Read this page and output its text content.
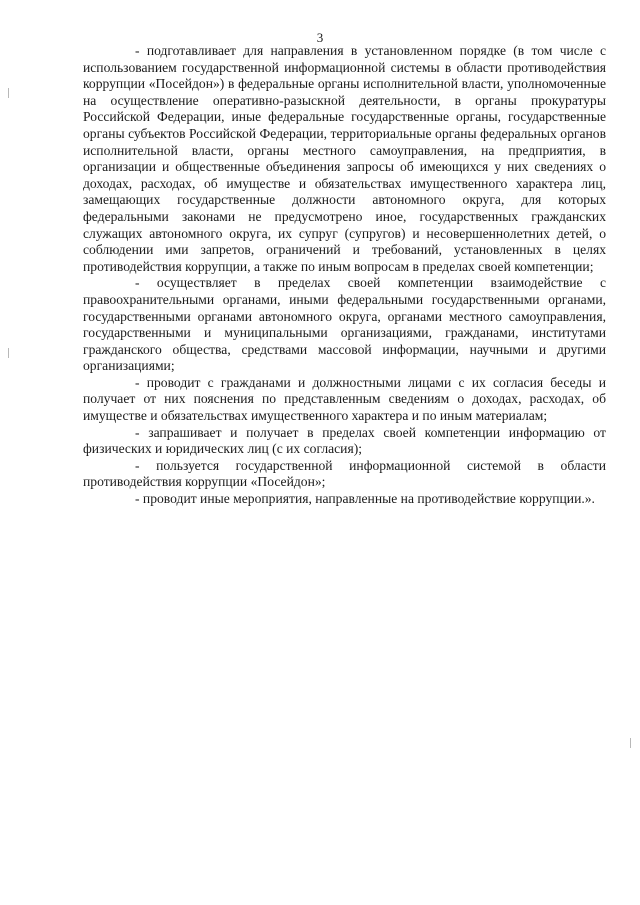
3

- подготавливает для направления в установленном порядке (в том числе с использованием государственной информационной системы в области противодействия коррупции «Посейдон») в федеральные органы исполнительной власти, уполномоченные на осуществление оперативно-разыскной деятельности, в органы прокуратуры Российской Федерации, иные федеральные государственные органы, государственные органы субъектов Российской Федерации, территориальные органы федеральных органов исполнительной власти, органы местного самоуправления, на предприятия, в организации и общественные объединения запросы об имеющихся у них сведениях о доходах, расходах, об имуществе и обязательствах имущественного характера лиц, замещающих государственные должности автономного округа, для которых федеральными законами не предусмотрено иное, государственных гражданских служащих автономного округа, их супруг (супругов) и несовершеннолетних детей, о соблюдении ими запретов, ограничений и требований, установленных в целях противодействия коррупции, а также по иным вопросам в пределах своей компетенции;

- осуществляет в пределах своей компетенции взаимодействие с правоохранительными органами, иными федеральными государственными органами, государственными органами автономного округа, органами местного самоуправления, государственными и муниципальными организациями, гражданами, институтами гражданского общества, средствами массовой информации, научными и другими организациями;

- проводит с гражданами и должностными лицами с их согласия беседы и получает от них пояснения по представленным сведениям о доходах, расходах, об имуществе и обязательствах имущественного характера и по иным материалам;

- запрашивает и получает в пределах своей компетенции информацию от физических и юридических лиц (с их согласия);

- пользуется государственной информационной системой в области противодействия коррупции «Посейдон»;

- проводит иные мероприятия, направленные на противодействие коррупции.».
